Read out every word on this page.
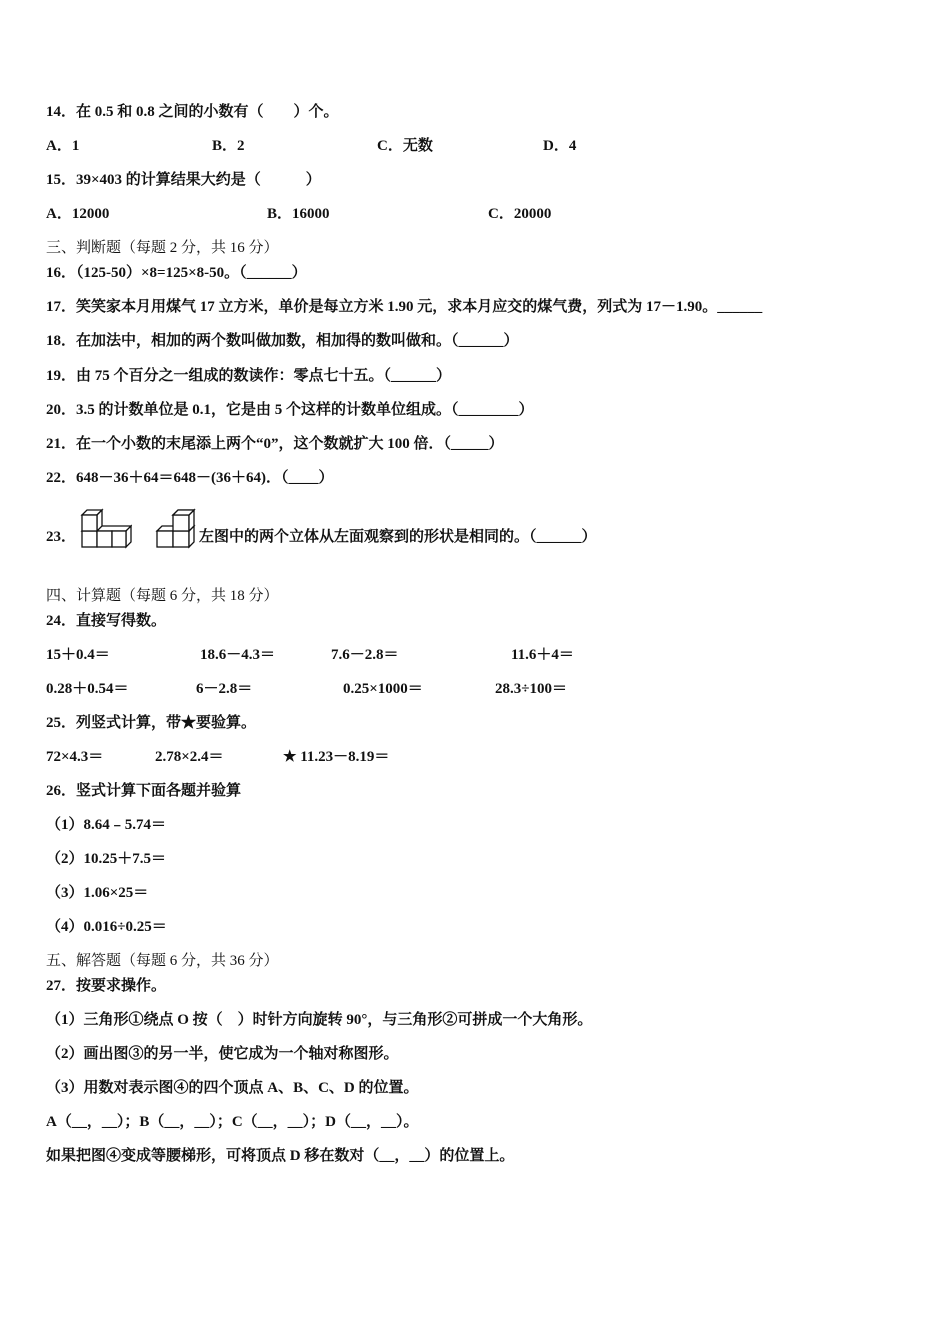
14．在 0.5 和 0.8 之间的小数有（　　）个。
A．1	B．2	C．无数	D．4
15．39×403 的计算结果大约是（　　　）
A．12000	B．16000	C．20000
三、判断题（每题 2 分，共 16 分）
16．（125-50）×8=125×8-50。（______）
17．笑笑家本月用煤气 17 立方米，单价是每立方米 1.90 元，求本月应交的煤气费，列式为 17－1.90。______
18．在加法中，相加的两个数叫做加数，相加得的数叫做和。（______）
19．由 75 个百分之一组成的数读作：零点七十五。（______）
20．3.5 的计数单位是 0.1，它是由 5 个这样的计数单位组成。（________）
21．在一个小数的末尾添上两个“0”，这个数就扩大 100 倍．（_____）
22．648－36＋64＝648－(36＋64)．（____）
23．	左图中的两个立体从左面观察到的形状是相同的。（______）
四、计算题（每题 6 分，共 18 分）
24．直接写得数。
15＋0.4＝	18.6－4.3＝	7.6－2.8＝	11.6＋4＝
0.28＋0.54＝	6－2.8＝	0.25×1000＝	28.3÷100＝
25．列竖式计算，带★要验算。
72×4.3＝	2.78×2.4＝	★ 11.23－8.19＝
26．竖式计算下面各题并验算
（1）8.64﹣5.74＝
（2）10.25＋7.5＝
（3）1.06×25＝
（4）0.016÷0.25＝
五、解答题（每题 6 分，共 36 分）
27．按要求操作。
（1）三角形①绕点 O 按（　）时针方向旋转 90°，与三角形②可拼成一个大角形。
（2）画出图③的另一半，使它成为一个轴对称图形。
（3）用数对表示图④的四个顶点 A、B、C、D 的位置。
A（__，__）；B（__，__）；C（__，__）；D（__，__）。
如果把图④变成等腰梯形，可将顶点 D 移在数对（__，__）的位置上。
